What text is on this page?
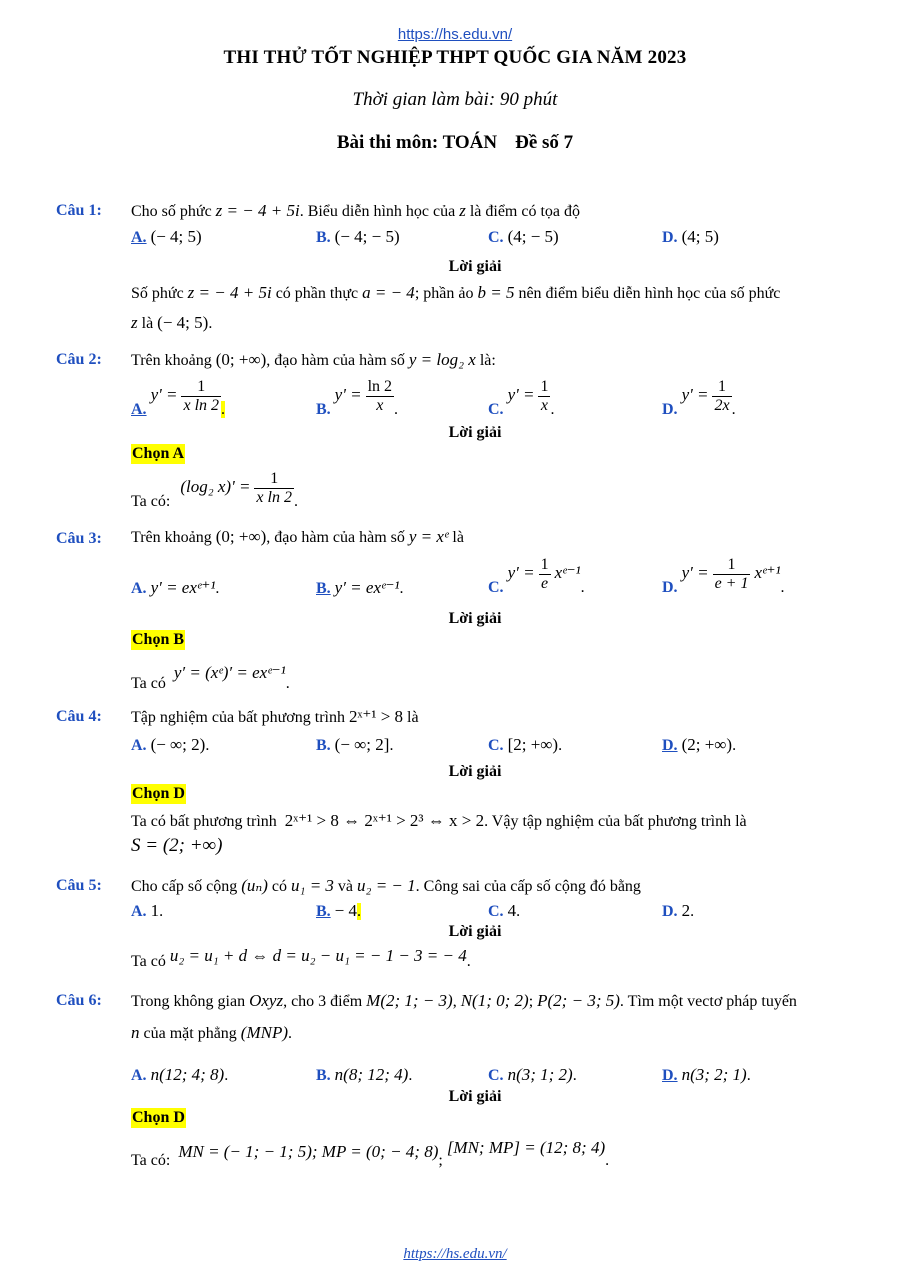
https://hs.edu.vn/
THI THỬ TỐT NGHIỆP THPT QUỐC GIA NĂM 2023
Thời gian làm bài: 90 phút
Bài thi môn: TOÁN Đề số 7
Câu 1: Cho số phức z = − 4 + 5i. Biểu diễn hình học của z là điểm có tọa độ
A. (− 4; 5)	B. (− 4; − 5)	C. (4; − 5)	D. (4; 5)
Lời giải
Số phức z = − 4 + 5i có phần thực a = − 4; phần ảo b = 5 nên điểm biểu diễn hình học của số phức
z là (− 4; 5).
Câu 2: Trên khoảng (0; +∞), đạo hàm của hàm số y = log₂ x là:
A. $y' = \frac{1}{\text{x ln 2}}$ .	B. $y' = \frac{\ln 2}{x}$ .	C. $y' = \frac{1}{x}$ .	D. $y' = \frac{1}{2x}$ .
Lời giải
Chọn A
Ta có: (log₂ $x)' = \frac{1}{\text{x ln 2}}$ .
Câu 3: Trên khoảng (0; +∞), đạo hàm của hàm số y = xᵉ là
A. y′ = exᵉ⁺¹.	B. y′ = exᵉ⁻¹.	C. $y' = \frac{1}{e}$ xᵉ⁻¹.	D. $y' = \frac{1}{e + 1}$ xᵉ⁺¹.
Lời giải
Chọn B
Ta có y′ = (xᵉ)′ = exᵉ⁻¹.
Câu 4: Tập nghiệm của bất phương trình 2ˣ⁺¹ > 8 là
A. (− ∞; 2).	B. (− ∞; 2].	C. [2; +∞).	D. (2; +∞).
Lời giải
Chọn D
Ta có bất phương trình 2ˣ⁺¹ > 8 ⇔ 2ˣ⁺¹ > 2³ ⇔ x > 2. Vậy tập nghiệm của bất phương trình là
S = (2; +∞)
Câu 5: Cho cấp số cộng (uₙ) có u₁ = 3 và u₂ = − 1. Công sai của cấp số cộng đó bằng
A. 1.	B. − 4.	C. 4.	D. 2.
Lời giải
Ta có u₂ = u₁ + d ⇔ d = u₂ − u₁ = − 1 − 3 = − 4.
Câu 6: Trong không gian Oxyz, cho 3 điểm M(2; 1; − 3), N(1; 0; 2); P(2; − 3; 5). Tìm một vectơ pháp tuyến
n của mặt phẳng (MNP).
A. n(12; 4; 8).	B. n(8; 12; 4).	C. n(3; 1; 2).	D. n(3; 2; 1).
Lời giải
Chọn D
Ta có: MN = (− 1; − 1; 5); MP = (0; − 4; 8); [MN; MP] = (12; 8; 4).
https://hs.edu.vn/
